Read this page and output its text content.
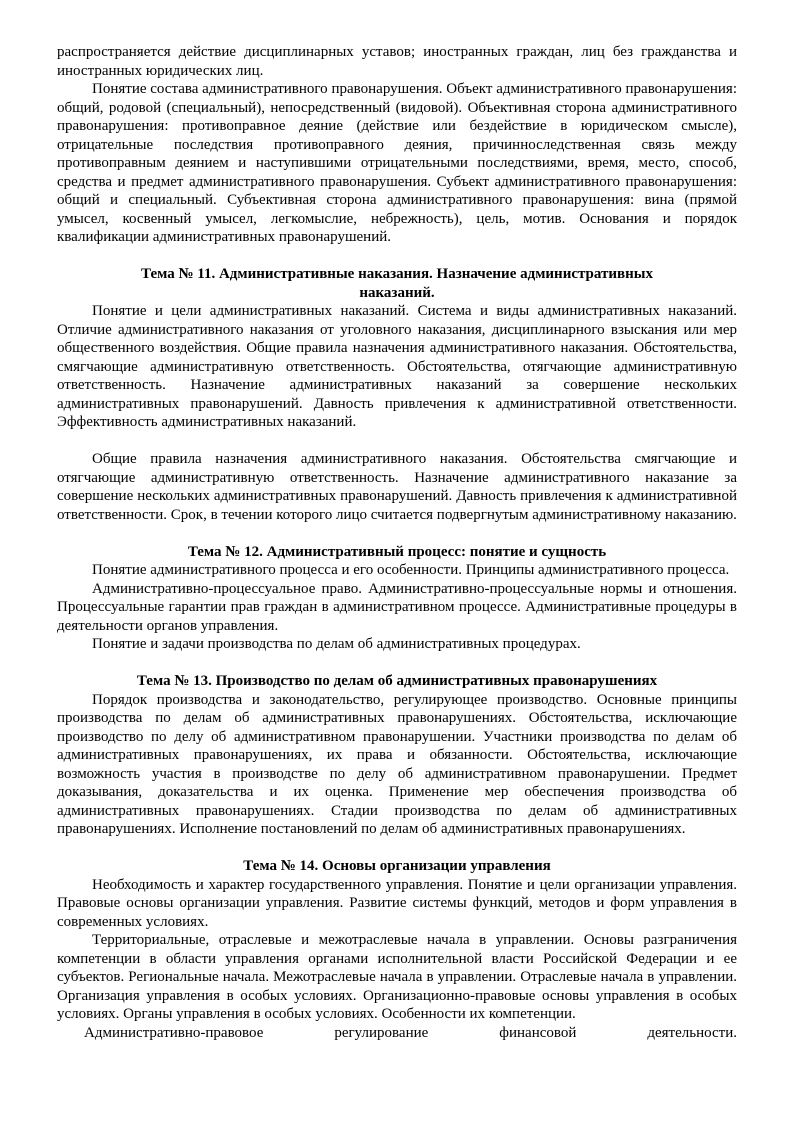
распространяется действие дисциплинарных уставов; иностранных граждан, лиц без гражданства и иностранных юридических лиц.

Понятие состава административного правонарушения. Объект административного правонарушения: общий, родовой (специальный), непосредственный (видовой). Объективная сторона административного правонарушения: противоправное деяние (действие или бездействие в юридическом смысле), отрицательные последствия противоправного деяния, причинноследственная связь между противоправным деянием и наступившими отрицательными последствиями, время, место, способ, средства и предмет административного правонарушения. Субъект административного правонарушения: общий и специальный. Субъективная сторона административного правонарушения: вина (прямой умысел, косвенный умысел, легкомыслие, небрежность), цель, мотив. Основания и порядок квалификации административных правонарушений.

Тема № 11. Административные наказания. Назначение административных
наказаний.

Понятие и цели административных наказаний. Система и виды административных наказаний. Отличие административного наказания от уголовного наказания, дисциплинарного взыскания или мер общественного воздействия. Общие правила назначения административного наказания. Обстоятельства, смягчающие административную ответственность. Обстоятельства, отягчающие административную ответственность. Назначение административных наказаний за совершение нескольких административных правонарушений. Давность привлечения к административной ответственности. Эффективность административных наказаний.

Общие правила назначения административного наказания. Обстоятельства смягчающие и отягчающие административную ответственность. Назначение административного наказание за совершение нескольких административных правонарушений. Давность привлечения к административной ответственности. Срок, в течении которого лицо считается подвергнутым административному наказанию.

Тема № 12. Административный процесс: понятие и сущность

Понятие административного процесса и его особенности. Принципы административного процесса.

Административно-процессуальное право. Административно-процессуальные нормы и отношения. Процессуальные гарантии прав граждан в административном процессе. Административные процедуры в деятельности органов управления.

Понятие и задачи производства по делам об административных процедурах.

Тема № 13. Производство по делам об административных правонарушениях

Порядок производства и законодательство, регулирующее производство. Основные принципы производства по делам об административных правонарушениях. Обстоятельства, исключающие производство по делу об административном правонарушении. Участники производства по делам об административных правонарушениях, их права и обязанности. Обстоятельства, исключающие возможность участия в производстве по делу об административном правонарушении. Предмет доказывания, доказательства и их оценка. Применение мер обеспечения производства об административных правонарушениях. Стадии производства по делам об административных правонарушениях. Исполнение постановлений по делам об административных правонарушениях.

Тема № 14. Основы организации управления

Необходимость и характер государственного управления. Понятие и цели организации управления. Правовые основы организации управления. Развитие системы функций, методов и форм управления в современных условиях.

Территориальные, отраслевые и межотраслевые начала в управлении. Основы разграничения компетенции в области управления органами исполнительной власти Российской Федерации и ее субъектов. Региональные начала. Межотраслевые начала в управлении. Отраслевые начала в управлении. Организация управления в особых условиях. Организационно-правовые основы управления в особых условиях. Органы управления в особых условиях. Особенности их компетенции.

Административно-правовое регулирование финансовой деятельности.
